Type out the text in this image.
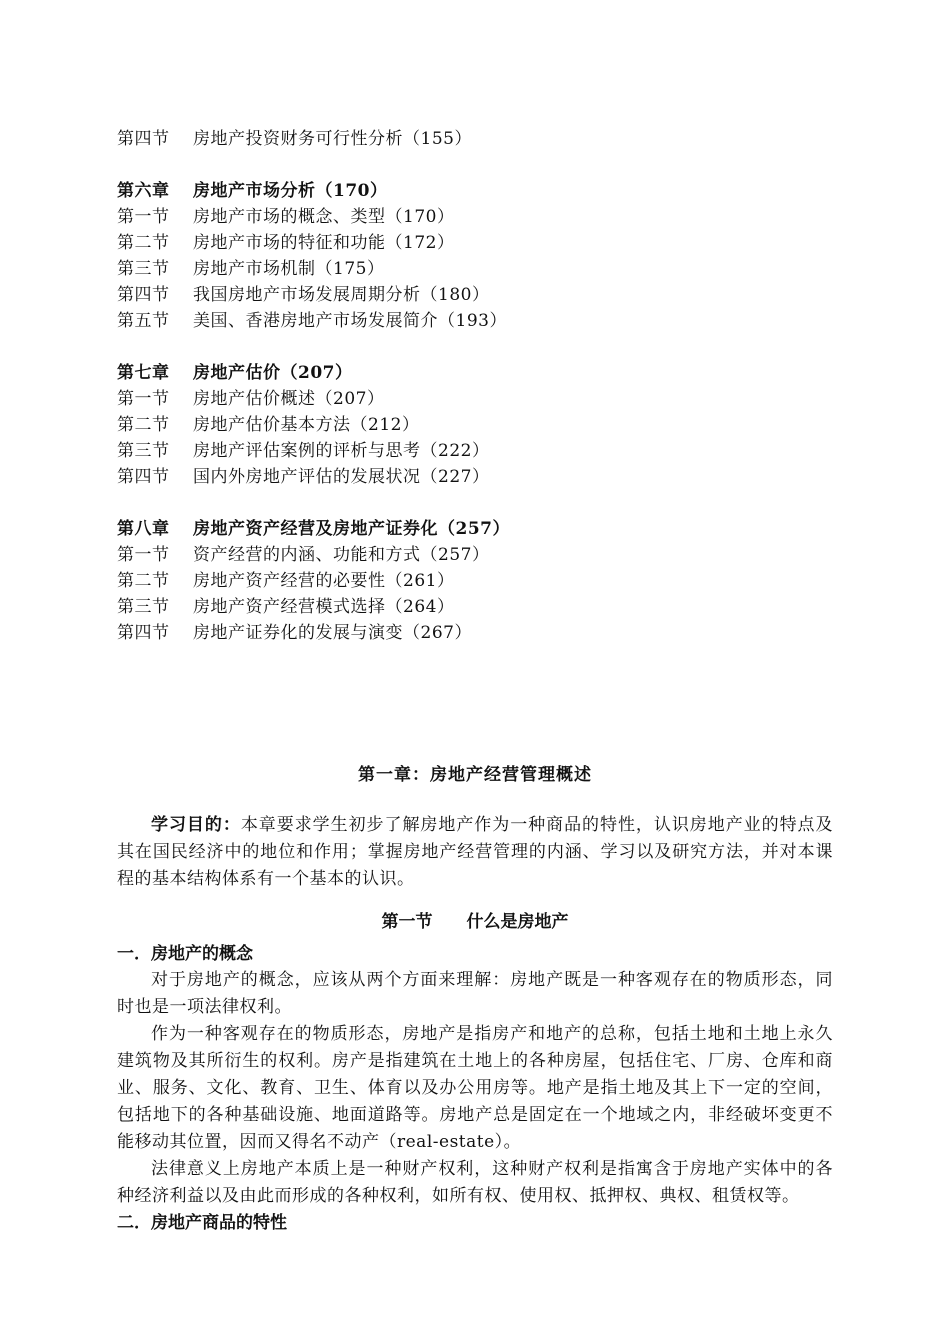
第四节 房地产投资财务可行性分析（155）
第六章 房地产市场分析（170）
第一节 房地产市场的概念、类型（170）
第二节 房地产市场的特征和功能（172）
第三节 房地产市场机制（175）
第四节 我国房地产市场发展周期分析（180）
第五节 美国、香港房地产市场发展简介（193）
第七章 房地产估价（207）
第一节 房地产估价概述（207）
第二节 房地产估价基本方法（212）
第三节 房地产评估案例的评析与思考（222）
第四节 国内外房地产评估的发展状况（227）
第八章 房地产资产经营及房地产证券化（257）
第一节 资产经营的内涵、功能和方式（257）
第二节 房地产资产经营的必要性（261）
第三节 房地产资产经营模式选择（264）
第四节 房地产证券化的发展与演变（267）
第一章：房地产经营管理概述

学习目的：本章要求学生初步了解房地产作为一种商品的特性，认识房地产业的特点及其在国民经济中的地位和作用；掌握房地产经营管理的内涵、学习以及研究方法，并对本课程的基本结构体系有一个基本的认识。

第一节 什么是房地产
一．房地产的概念

对于房地产的概念，应该从两个方面来理解：房地产既是一种客观存在的物质形态，同时也是一项法律权利。

作为一种客观存在的物质形态，房地产是指房产和地产的总称，包括土地和土地上永久建筑物及其所衍生的权利。房产是指建筑在土地上的各种房屋，包括住宅、厂房、仓库和商业、服务、文化、教育、卫生、体育以及办公用房等。地产是指土地及其上下一定的空间，包括地下的各种基础设施、地面道路等。房地产总是固定在一个地域之内，非经破坏变更不能移动其位置，因而又得名不动产（real-estate）。

法律意义上房地产本质上是一种财产权利，这种财产权利是指寓含于房地产实体中的各种经济利益以及由此而形成的各种权利，如所有权、使用权、抵押权、典权、租赁权等。

二．房地产商品的特性
